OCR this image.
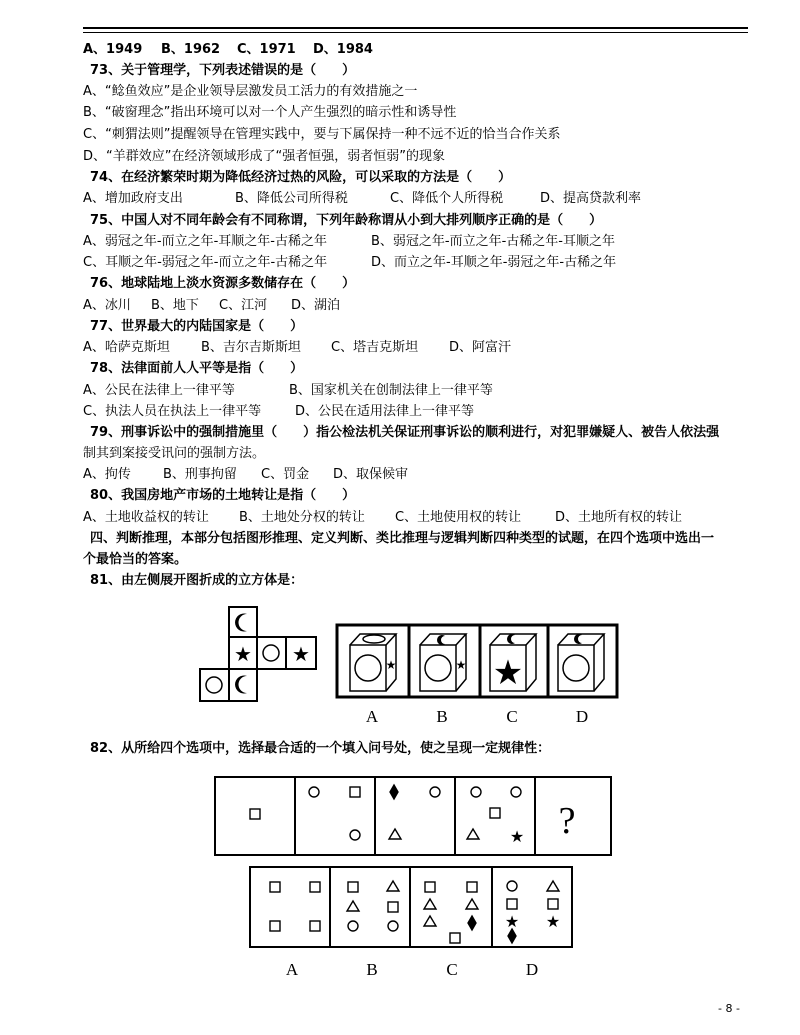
A、1949 B、1962 C、1971 D、1984
73、关于管理学，下列表述错误的是（　　）
A、“鲶鱼效应”是企业领导层激发员工活力的有效措施之一
B、“破窗理念”指出环境可以对一个人产生强烈的暗示性和诱导性
C、“刺猬法则”提醒领导在管理实践中，要与下属保持一种不远不近的恰当合作关系
D、“羊群效应”在经济领域形成了“强者恒强，弱者恒弱”的现象
74、在经济繁荣时期为降低经济过热的风险，可以采取的方法是（　　）
A、增加政府支出	B、降低公司所得税	C、降低个人所得税	D、提高贷款利率
75、中国人对不同年龄会有不同称谓，下列年龄称谓从小到大排列顺序正确的是（　　）
A、弱冠之年-而立之年-耳顺之年-古稀之年	B、弱冠之年-而立之年-古稀之年-耳顺之年
C、耳顺之年-弱冠之年-而立之年-古稀之年	D、而立之年-耳顺之年-弱冠之年-古稀之年
76、地球陆地上淡水资源多数储存在（　　）
A、冰川 B、地下 C、江河 D、湖泊
77、世界最大的内陆国家是（　　）
A、哈萨克斯坦 B、吉尔吉斯斯坦 C、塔吉克斯坦 D、阿富汗
78、法律面前人人平等是指（　　）
A、公民在法律上一律平等	B、国家机关在创制法律上一律平等
C、执法人员在执法上一律平等	D、公民在适用法律上一律平等
79、刑事诉讼中的强制措施里（　　）指公检法机关保证刑事诉讼的顺利进行，对犯罪嫌疑人、被告人依法强
制其到案接受讯问的强制方法。
A、拘传 B、刑事拘留 C、罚金 D、取保候审
80、我国房地产市场的土地转让是指（　　）
A、土地收益权的转让 B、土地处分权的转让 C、土地使用权的转让	D、土地所有权的转让
四、判断推理，本部分包括图形推理、定义判断、类比推理与逻辑判断四种类型的试题，在四个选项中选出一
个最恰当的答案。
81、由左侧展开图折成的立方体是：
★ ★	★	★ ★
A	B	C	D
82、从所给四个选项中，选择最合适的一个填入问号处，使之呈现一定规律性：
★ ?
★ ★
A	B	C	D
- 8 -
